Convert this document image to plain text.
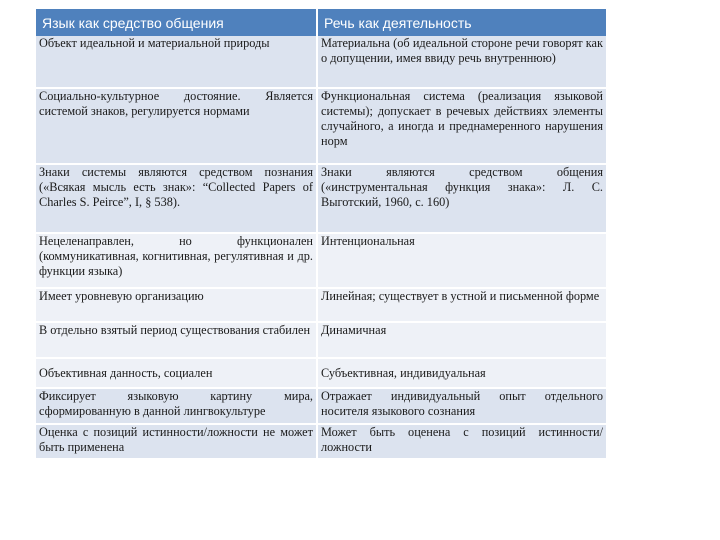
Язык как средство общения	Речь как деятельность
Объект идеальной и материальной природы	Материальна (об идеальной стороне речи говорят как о допущении, имея ввиду речь внутреннюю)
Социально-культурное достояние. Является системой знаков, регулируется нормами	Функциональная система (реализация языковой системы); допускает в речевых действиях элементы случайного, а иногда и преднамеренного нарушения норм
Знаки системы являются средством познания («Всякая мысль есть знак»: “Collected Papers of Charles S. Peirce”, I, § 538).	Знаки являются средством общения («инструментальная функция знака»: Л. С. Выготский, 1960, с. 160)
Нецеленаправлен, но функционален (коммуникативная, когнитивная, регулятивная и др. функции языка)	Интенциональная
Имеет уровневую организацию	Линейная; существует в устной и письменной форме
В отдельно взятый период существования стабилен	Динамичная
Объективная данность, социален	Субъективная, индивидуальная
Фиксирует языковую картину мира, сформированную в данной лингвокультуре	Отражает индивидуальный опыт отдельного носителя языкового сознания
Оценка с позиций истинности/ложности не может быть применена	Может быть оценена с позиций истинности/ложности
